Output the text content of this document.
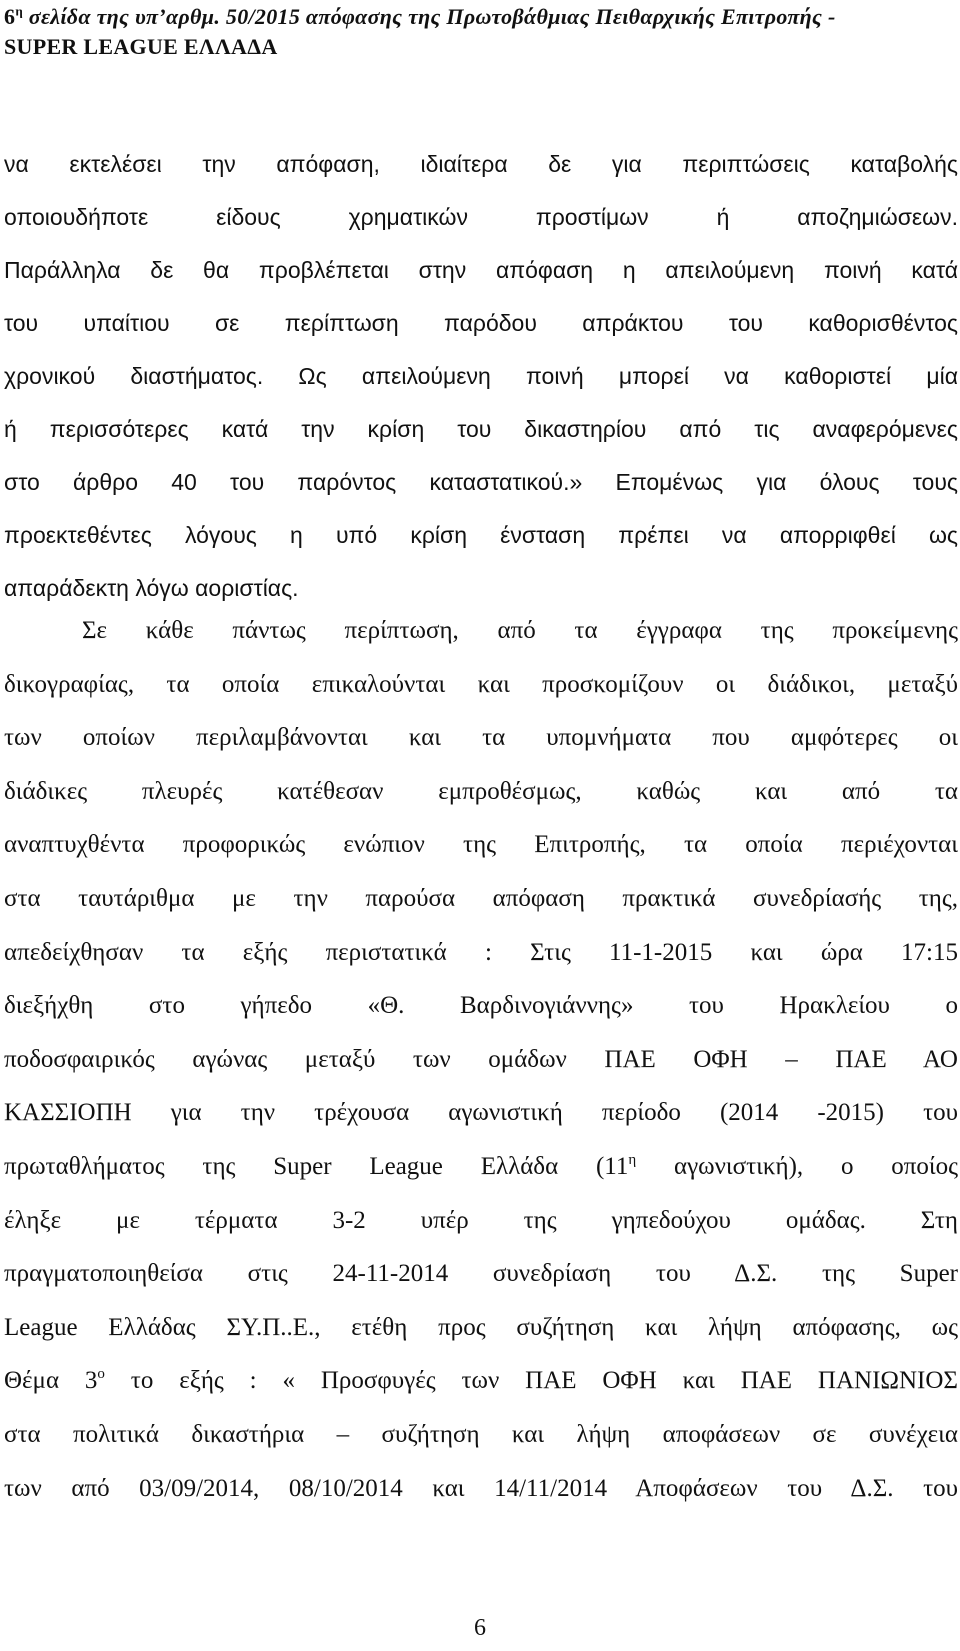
$6^\eta$ σελίδα της υπ’αρθμ. 50/2015 απόφασης της Πρωτοβάθμιας Πειθαρχικής Επιτροπής -
SUPER LEAGUE ΕΛΛΑΔΑ
να εκτελέσει την απόφαση, ιδιαίτερα δε για περιπτώσεις καταβολής
οποιουδήποτε είδους χρηματικών προστίμων ή αποζημιώσεων.
Παράλληλα δε θα προβλέπεται στην απόφαση η απειλούμενη ποινή κατά
του υπαίτιου σε περίπτωση παρόδου απράκτου του καθορισθέντος
χρονικού διαστήματος. Ως απειλούμενη ποινή μπορεί να καθοριστεί μία
ή περισσότερες κατά την κρίση του δικαστηρίου από τις αναφερόμενες
στο άρθρο 40 του παρόντος καταστατικού.» Επομένως για όλους τους
προεκτεθέντες λόγους η υπό κρίση ένσταση πρέπει να απορριφθεί ως
απαράδεκτη λόγω αοριστίας.
Σε κάθε πάντως περίπτωση, από τα έγγραφα της προκείμενης
δικογραφίας, τα οποία επικαλούνται και προσκομίζουν οι διάδικοι, μεταξύ
των οποίων περιλαμβάνονται και τα υπομνήματα που αμφότερες οι
διάδικες πλευρές κατέθεσαν εμπροθέσμως, καθώς και από τα
αναπτυχθέντα προφορικώς ενώπιον της Επιτροπής, τα οποία περιέχονται
στα ταυτάριθμα με την παρούσα απόφαση πρακτικά συνεδρίασής της,
απεδείχθησαν τα εξής περιστατικά : Στις 11-1-2015 και ώρα 17:15
διεξήχθη στο γήπεδο «Θ. Βαρδινογιάννης» του Ηρακλείου ο
ποδοσφαιρικός αγώνας μεταξύ των ομάδων ΠΑΕ ΟΦΗ – ΠΑΕ ΑΟ
ΚΑΣΣΙΟΠΗ για την τρέχουσα αγωνιστική περίοδο (2014 -2015) του
πρωταθλήματος της Super League Ελλάδα ($11^\eta$ αγωνιστική), ο οποίος
έληξε με τέρματα 3-2 υπέρ της γηπεδούχου ομάδας. Στη
πραγματοποιηθείσα στις 24-11-2014 συνεδρίαση του Δ.Σ. της Super
League Ελλάδας ΣΥ.Π..Ε., ετέθη προς συζήτηση και λήψη απόφασης, ως
Θέμα $3^o$ το εξής : « Προσφυγές των ΠΑΕ ΟΦΗ και ΠΑΕ ΠΑΝΙΩΝΙΟΣ
στα πολιτικά δικαστήρια – συζήτηση και λήψη αποφάσεων σε συνέχεια
των από 03/09/2014, 08/10/2014 και 14/11/2014 Αποφάσεων του Δ.Σ. του
6
